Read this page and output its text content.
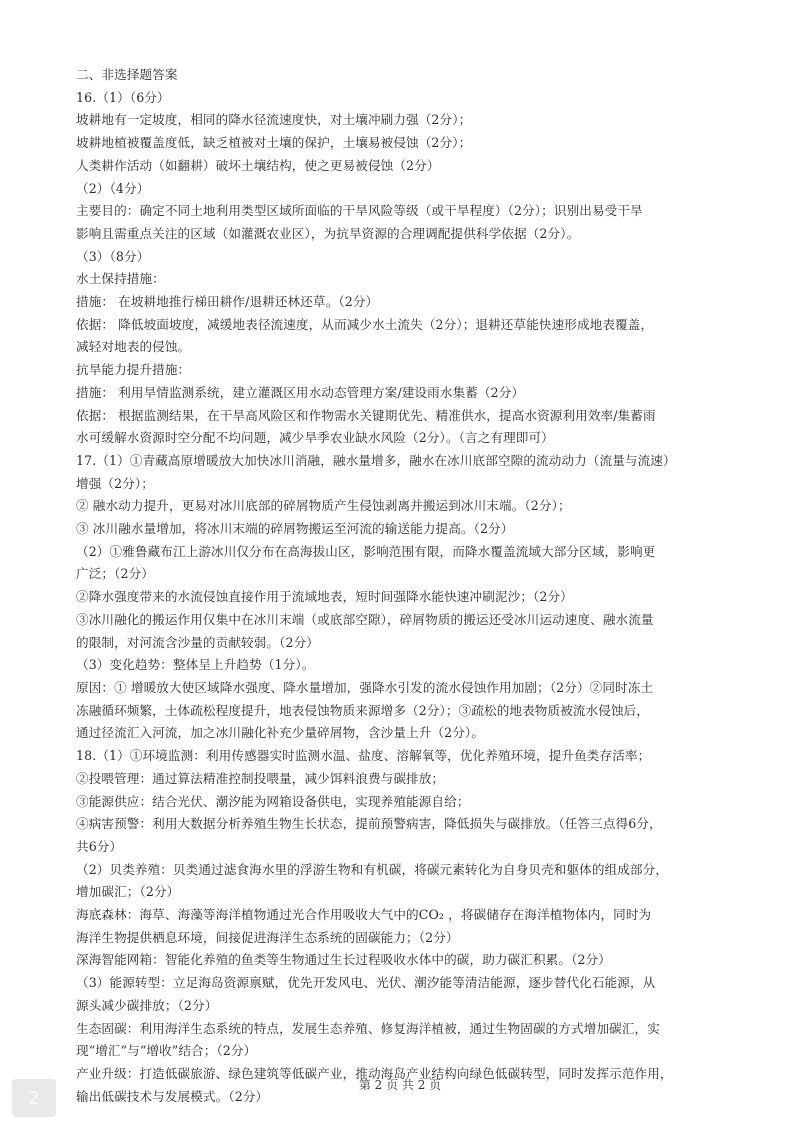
二、非选择题答案
16.（1）（6分）
坡耕地有一定坡度，相同的降水径流速度快，对土壤冲刷力强（2分）；
坡耕地植被覆盖度低，缺乏植被对土壤的保护，土壤易被侵蚀（2分）；
人类耕作活动（如翻耕）破坏土壤结构，使之更易被侵蚀（2分）
（2）（4分）
主要目的：确定不同土地利用类型区域所面临的干旱风险等级（或干旱程度）（2分）；识别出易受干旱
影响且需重点关注的区域（如灌溉农业区），为抗旱资源的合理调配提供科学依据（2分）。
（3）（8分）
水土保持措施：
措施： 在坡耕地推行梯田耕作/退耕还林还草。（2分）
依据： 降低坡面坡度，减缓地表径流速度，从而减少水土流失（2分）；退耕还草能快速形成地表覆盖，
减轻对地表的侵蚀。
抗旱能力提升措施：
措施： 利用旱情监测系统，建立灌溉区用水动态管理方案/建设雨水集蓄（2分）
依据： 根据监测结果，在干旱高风险区和作物需水关键期优先、精准供水，提高水资源利用效率/集蓄雨
水可缓解水资源时空分配不均问题，减少旱季农业缺水风险（2分）。（言之有理即可）
17.（1）①青藏高原增暖放大加快冰川消融，融水量增多，融水在冰川底部空隙的流动动力（流量与流速）
增强（2分）；
② 融水动力提升，更易对冰川底部的碎屑物质产生侵蚀剥离并搬运到冰川末端。（2分）；
③ 冰川融水量增加，将冰川末端的碎屑物搬运至河流的输送能力提高。（2分）
（2）①雅鲁藏布江上游冰川仅分布在高海拔山区，影响范围有限，而降水覆盖流域大部分区域，影响更
广泛；（2分）
②降水强度带来的水流侵蚀直接作用于流域地表，短时间强降水能快速冲刷泥沙；（2分）
③冰川融化的搬运作用仅集中在冰川末端（或底部空隙），碎屑物质的搬运还受冰川运动速度、融水流量
的限制，对河流含沙量的贡献较弱。（2分）
（3）变化趋势：整体呈上升趋势（1分）。
原因：① 增暖放大使区域降水强度、降水量增加，强降水引发的流水侵蚀作用加剧；（2分）②同时冻土
冻融循环频繁，土体疏松程度提升，地表侵蚀物质来源增多（2分）；③疏松的地表物质被流水侵蚀后，
通过径流汇入河流，加之冰川融化补充少量碎屑物，含沙量上升（2分）。
18.（1）①环境监测：利用传感器实时监测水温、盐度、溶解氧等，优化养殖环境，提升鱼类存活率；
②投喂管理：通过算法精准控制投喂量，减少饵料浪费与碳排放；
③能源供应：结合光伏、潮汐能为网箱设备供电，实现养殖能源自给；
④病害预警：利用大数据分析养殖生物生长状态，提前预警病害，降低损失与碳排放。（任答三点得6分，
共6分）
（2）贝类养殖：贝类通过滤食海水里的浮游生物和有机碳，将碳元素转化为自身贝壳和躯体的组成部分，
增加碳汇；（2分）
海底森林：海草、海藻等海洋植物通过光合作用吸收大气中的CO₂ ，将碳储存在海洋植物体内，同时为
海洋生物提供栖息环境，间接促进海洋生态系统的固碳能力；（2分）
深海智能网箱：智能化养殖的鱼类等生物通过生长过程吸收水体中的碳，助力碳汇积累。（2分）
（3）能源转型：立足海岛资源禀赋，优先开发风电、光伏、潮汐能等清洁能源，逐步替代化石能源，从
源头减少碳排放；（2分）
生态固碳：利用海洋生态系统的特点，发展生态养殖、修复海洋植被，通过生物固碳的方式增加碳汇，实
现“增汇”与“增收”结合；（2分）
产业升级：打造低碳旅游、绿色建筑等低碳产业，推动海岛产业结构向绿色低碳转型，同时发挥示范作用，
输出低碳技术与发展模式。（2分）
第 2 页 共 2 页
2
